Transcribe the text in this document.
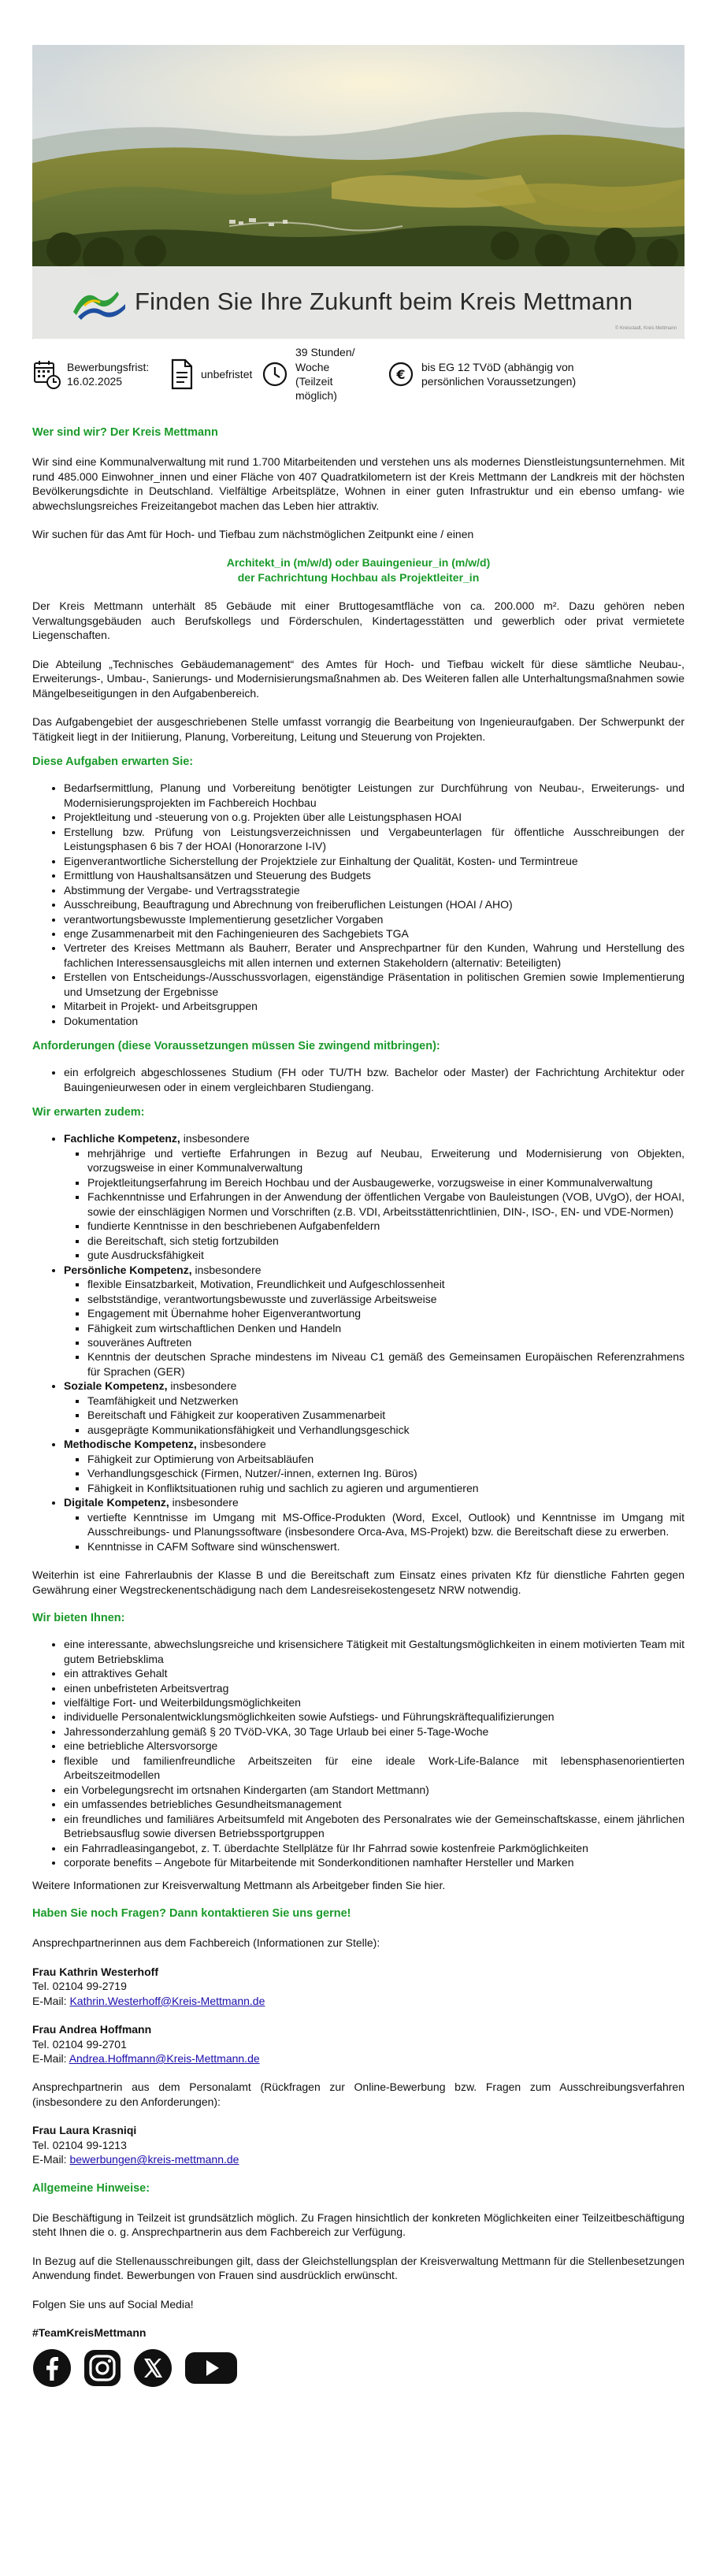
Finden Sie Ihre Zukunft beim Kreis Mettmann
© Kreisstadt, Kreis Mettmann
Bewerbungsfrist:
16.02.2025
unbefristet
39 Stunden/
Woche
(Teilzeit
möglich)
€
bis EG 12 TVöD (abhängig von
persönlichen Voraussetzungen)
Wer sind wir? Der Kreis Mettmann

Wir sind eine Kommunalverwaltung mit rund 1.700 Mitarbeitenden und verstehen uns als modernes Dienstleistungsunternehmen. Mit rund 485.000 Einwohner_innen und einer Fläche von 407 Quadratkilometern ist der Kreis Mettmann der Landkreis mit der höchsten Bevölkerungsdichte in Deutschland. Vielfältige Arbeitsplätze, Wohnen in einer guten Infrastruktur und ein ebenso umfang- wie abwechslungsreiches Freizeitangebot machen das Leben hier attraktiv.

Wir suchen für das Amt für Hoch- und Tiefbau zum nächstmöglichen Zeitpunkt eine / einen

Architekt_in (m/w/d) oder Bauingenieur_in (m/w/d)
der Fachrichtung Hochbau als Projektleiter_in

Der Kreis Mettmann unterhält 85 Gebäude mit einer Bruttogesamtfläche von ca. 200.000 m². Dazu gehören neben Verwaltungsgebäuden auch Berufskollegs und Förderschulen, Kindertagesstätten und gewerblich oder privat vermietete Liegenschaften.

Die Abteilung „Technisches Gebäudemanagement“ des Amtes für Hoch- und Tiefbau wickelt für diese sämtliche Neubau-, Erweiterungs-, Umbau-, Sanierungs- und Modernisierungsmaßnahmen ab. Des Weiteren fallen alle Unterhaltungsmaßnahmen sowie Mängelbeseitigungen in den Aufgabenbereich.

Das Aufgabengebiet der ausgeschriebenen Stelle umfasst vorrangig die Bearbeitung von Ingenieuraufgaben. Der Schwerpunkt der Tätigkeit liegt in der Initiierung, Planung, Vorbereitung, Leitung und Steuerung von Projekten.

Diese Aufgaben erwarten Sie:
• Bedarfsermittlung, Planung und Vorbereitung benötigter Leistungen zur Durchführung von Neubau-, Erweiterungs- und Modernisierungsprojekten im Fachbereich Hochbau
• Projektleitung und -steuerung von o.g. Projekten über alle Leistungsphasen HOAI
• Erstellung bzw. Prüfung von Leistungsverzeichnissen und Vergabeunterlagen für öffentliche Ausschreibungen der Leistungsphasen 6 bis 7 der HOAI (Honorarzone I-IV)
• Eigenverantwortliche Sicherstellung der Projektziele zur Einhaltung der Qualität, Kosten- und Termintreue
• Ermittlung von Haushaltsansätzen und Steuerung des Budgets
• Abstimmung der Vergabe- und Vertragsstrategie
• Ausschreibung, Beauftragung und Abrechnung von freiberuflichen Leistungen (HOAI / AHO)
• verantwortungsbewusste Implementierung gesetzlicher Vorgaben
• enge Zusammenarbeit mit den Fachingenieuren des Sachgebiets TGA
• Vertreter des Kreises Mettmann als Bauherr, Berater und Ansprechpartner für den Kunden, Wahrung und Herstellung des fachlichen Interessensausgleichs mit allen internen und externen Stakeholdern (alternativ: Beteiligten)
• Erstellen von Entscheidungs-/Ausschussvorlagen, eigenständige Präsentation in politischen Gremien sowie Implementierung und Umsetzung der Ergebnisse
• Mitarbeit in Projekt- und Arbeitsgruppen
• Dokumentation
Anforderungen (diese Voraussetzungen müssen Sie zwingend mitbringen):
• ein erfolgreich abgeschlossenes Studium (FH oder TU/TH bzw. Bachelor oder Master) der Fachrichtung Architektur oder Bauingenieurwesen oder in einem vergleichbaren Studiengang.
Wir erwarten zudem:
• Fachliche Kompetenz, insbesondere
▪ mehrjährige und vertiefte Erfahrungen in Bezug auf Neubau, Erweiterung und Modernisierung von Objekten, vorzugsweise in einer Kommunalverwaltung
▪ Projektleitungserfahrung im Bereich Hochbau und der Ausbaugewerke, vorzugsweise in einer Kommunalverwaltung
▪ Fachkenntnisse und Erfahrungen in der Anwendung der öffentlichen Vergabe von Bauleistungen (VOB, UVgO), der HOAI, sowie der einschlägigen Normen und Vorschriften (z.B. VDI, Arbeitsstättenrichtlinien, DIN-, ISO-, EN- und VDE-Normen)
▪ fundierte Kenntnisse in den beschriebenen Aufgabenfeldern
▪ die Bereitschaft, sich stetig fortzubilden
▪ gute Ausdrucksfähigkeit
• Persönliche Kompetenz, insbesondere
▪ flexible Einsatzbarkeit, Motivation, Freundlichkeit und Aufgeschlossenheit
▪ selbstständige, verantwortungsbewusste und zuverlässige Arbeitsweise
▪ Engagement mit Übernahme hoher Eigenverantwortung
▪ Fähigkeit zum wirtschaftlichen Denken und Handeln
▪ souveränes Auftreten
▪ Kenntnis der deutschen Sprache mindestens im Niveau C1 gemäß des Gemeinsamen Europäischen Referenzrahmens für Sprachen (GER)
• Soziale Kompetenz, insbesondere
▪ Teamfähigkeit und Netzwerken
▪ Bereitschaft und Fähigkeit zur kooperativen Zusammenarbeit
▪ ausgeprägte Kommunikationsfähigkeit und Verhandlungsgeschick
• Methodische Kompetenz, insbesondere
▪ Fähigkeit zur Optimierung von Arbeitsabläufen
▪ Verhandlungsgeschick (Firmen, Nutzer/-innen, externen Ing. Büros)
▪ Fähigkeit in Konfliktsituationen ruhig und sachlich zu agieren und argumentieren
• Digitale Kompetenz, insbesondere
▪ vertiefte Kenntnisse im Umgang mit MS-Office-Produkten (Word, Excel, Outlook) und Kenntnisse im Umgang mit Ausschreibungs- und Planungssoftware (insbesondere Orca-Ava, MS-Projekt) bzw. die Bereitschaft diese zu erwerben.
▪ Kenntnisse in CAFM Software sind wünschenswert.

Weiterhin ist eine Fahrerlaubnis der Klasse B und die Bereitschaft zum Einsatz eines privaten Kfz für dienstliche Fahrten gegen Gewährung einer Wegstreckenentschädigung nach dem Landesreisekostengesetz NRW notwendig.

Wir bieten Ihnen:
• eine interessante, abwechslungsreiche und krisensichere Tätigkeit mit Gestaltungsmöglichkeiten in einem motivierten Team mit gutem Betriebsklima
• ein attraktives Gehalt
• einen unbefristeten Arbeitsvertrag
• vielfältige Fort- und Weiterbildungsmöglichkeiten
• individuelle Personalentwicklungsmöglichkeiten sowie Aufstiegs- und Führungskräftequalifizierungen
• Jahressonderzahlung gemäß § 20 TVöD-VKA, 30 Tage Urlaub bei einer 5-Tage-Woche
• eine betriebliche Altersvorsorge
• flexible und familienfreundliche Arbeitszeiten für eine ideale Work-Life-Balance mit lebensphasenorientierten Arbeitszeitmodellen
• ein Vorbelegungsrecht im ortsnahen Kindergarten (am Standort Mettmann)
• ein umfassendes betriebliches Gesundheitsmanagement
• ein freundliches und familiäres Arbeitsumfeld mit Angeboten des Personalrates wie der Gemeinschaftskasse, einem jährlichen Betriebsausflug sowie diversen Betriebssportgruppen
• ein Fahrradleasingangebot, z. T. überdachte Stellplätze für Ihr Fahrrad sowie kostenfreie Parkmöglichkeiten
• corporate benefits – Angebote für Mitarbeitende mit Sonderkonditionen namhafter Hersteller und Marken

Weitere Informationen zur Kreisverwaltung Mettmann als Arbeitgeber finden Sie hier.

Haben Sie noch Fragen? Dann kontaktieren Sie uns gerne!

Ansprechpartnerinnen aus dem Fachbereich (Informationen zur Stelle):

Frau Kathrin Westerhoff
Tel. 02104 99-2719
E-Mail: Kathrin.Westerhoff@Kreis-Mettmann.de
Frau Andrea Hoffmann
Tel. 02104 99-2701
E-Mail: Andrea.Hoffmann@Kreis-Mettmann.de

Ansprechpartnerin aus dem Personalamt (Rückfragen zur Online-Bewerbung bzw. Fragen zum Ausschreibungsverfahren (insbesondere zu den Anforderungen):

Frau Laura Krasniqi
Tel. 02104 99-1213
E-Mail: bewerbungen@kreis-mettmann.de
Allgemeine Hinweise:

Die Beschäftigung in Teilzeit ist grundsätzlich möglich. Zu Fragen hinsichtlich der konkreten Möglichkeiten einer Teilzeitbeschäftigung steht Ihnen die o. g. Ansprechpartnerin aus dem Fachbereich zur Verfügung.

In Bezug auf die Stellenausschreibungen gilt, dass der Gleichstellungsplan der Kreisverwaltung Mettmann für die Stellenbesetzungen Anwendung findet. Bewerbungen von Frauen sind ausdrücklich erwünscht.

Folgen Sie uns auf Social Media!

#TeamKreisMettmann
